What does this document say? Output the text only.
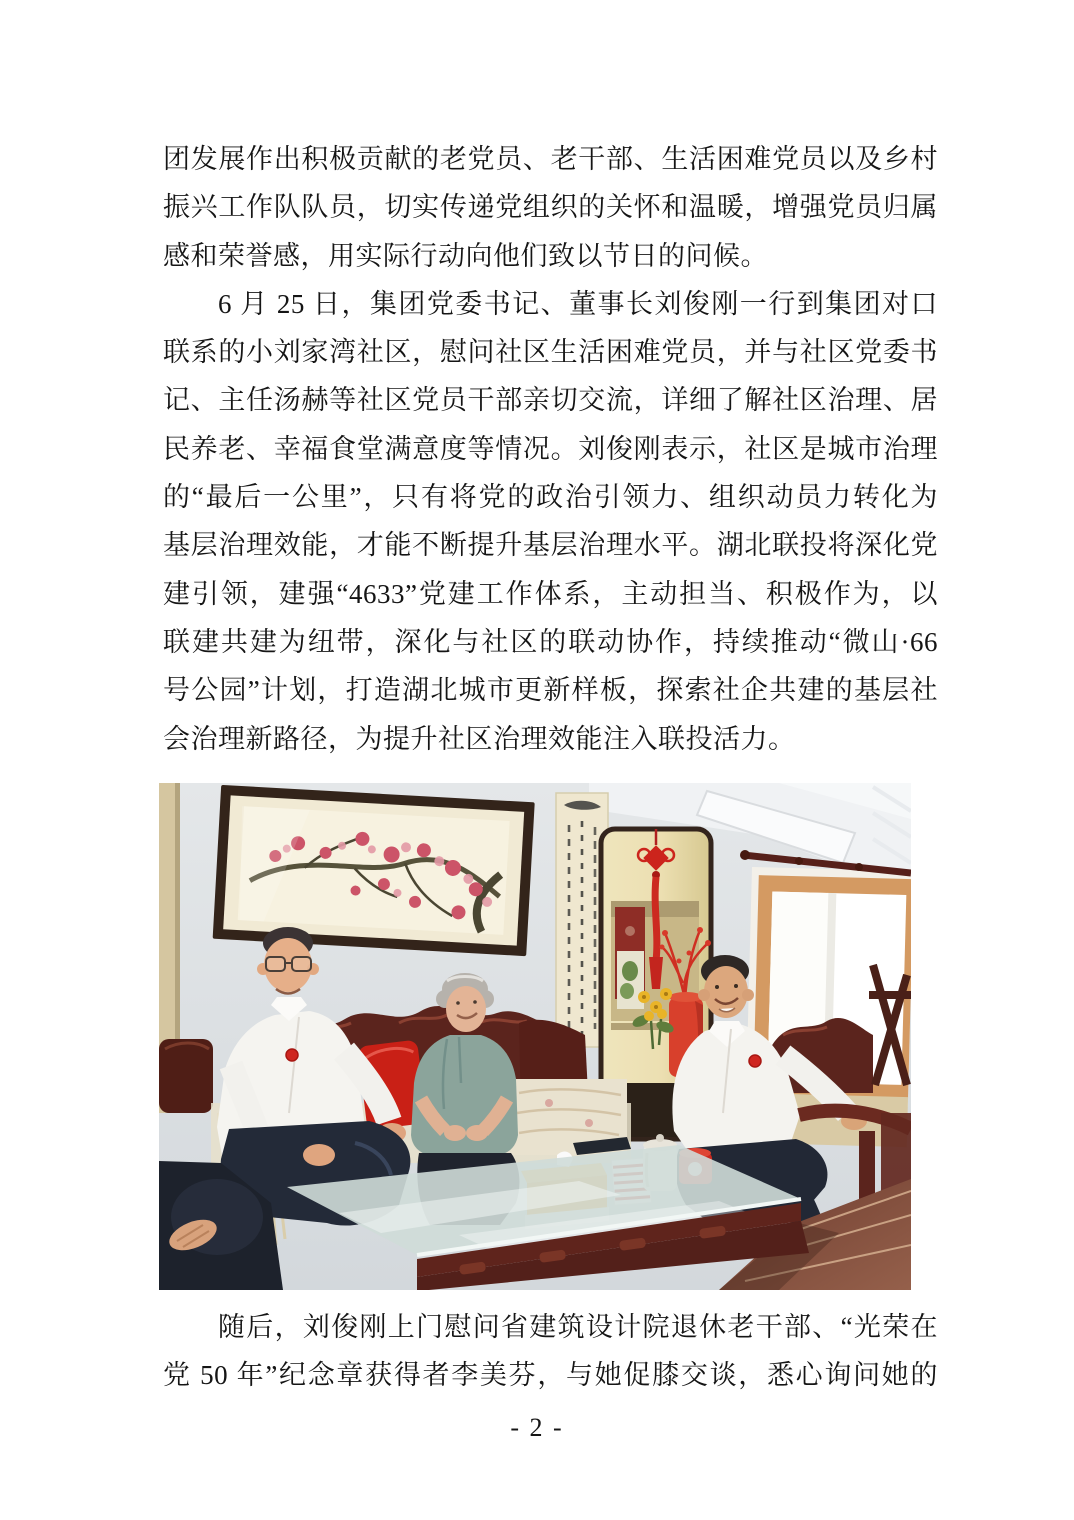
团发展作出积极贡献的老党员、老干部、生活困难党员以及乡村
振兴工作队队员，切实传递党组织的关怀和温暖，增强党员归属
感和荣誉感，用实际行动向他们致以节日的问候。
6 月 25 日，集团党委书记、董事长刘俊刚一行到集团对口
联系的小刘家湾社区，慰问社区生活困难党员，并与社区党委书
记、主任汤赫等社区党员干部亲切交流，详细了解社区治理、居
民养老、幸福食堂满意度等情况。刘俊刚表示，社区是城市治理
的“最后一公里”，只有将党的政治引领力、组织动员力转化为
基层治理效能，才能不断提升基层治理水平。湖北联投将深化党
建引领，建强“4633”党建工作体系，主动担当、积极作为，以
联建共建为纽带，深化与社区的联动协作，持续推动“微山·66
号公园”计划，打造湖北城市更新样板，探索社企共建的基层社
会治理新路径，为提升社区治理效能注入联投活力。
随后，刘俊刚上门慰问省建筑设计院退休老干部、“光荣在
党 50 年”纪念章获得者李美芬，与她促膝交谈，悉心询问她的
- 2 -
